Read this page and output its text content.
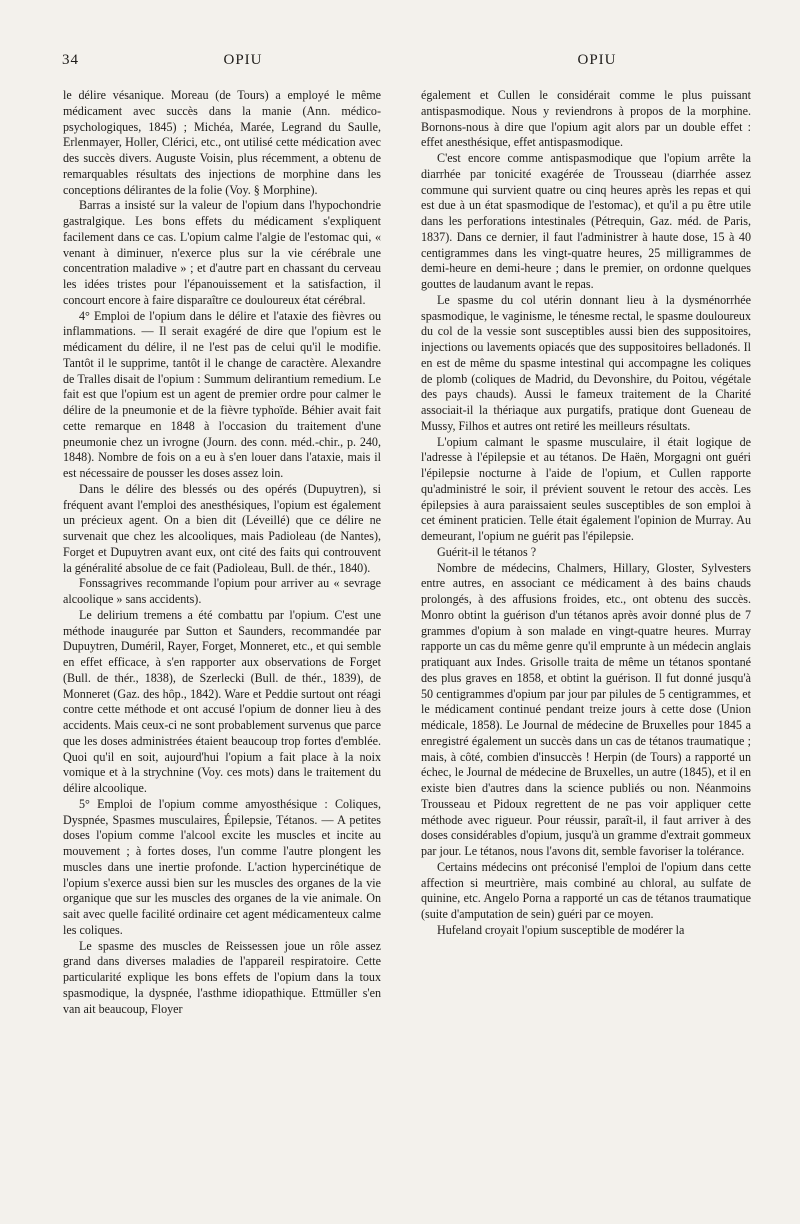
34	OPIU	OPIU

le délire vésanique. Moreau (de Tours) a employé le même médicament avec succès dans la manie (Ann. médico-psychologiques, 1845) ; Michéa, Marée, Legrand du Saulle, Erlenmayer, Holler, Clérici, etc., ont utilisé cette médication avec des succès divers. Auguste Voisin, plus récemment, a obtenu de remarquables résultats des injections de morphine dans les conceptions délirantes de la folie (Voy. § Morphine).

Barras a insisté sur la valeur de l'opium dans l'hypochondrie gastralgique. Les bons effets du médicament s'expliquent facilement dans ce cas. L'opium calme l'algie de l'estomac qui, « venant à diminuer, n'exerce plus sur la vie cérébrale une concentration maladive » ; et d'autre part en chassant du cerveau les idées tristes pour l'épanouissement et la satisfaction, il concourt encore à faire disparaître ce douloureux état cérébral.

4° Emploi de l'opium dans le délire et l'ataxie des fièvres ou inflammations. — Il serait exagéré de dire que l'opium est le médicament du délire, il ne l'est pas de celui qu'il le modifie. Tantôt il le supprime, tantôt il le change de caractère. Alexandre de Tralles disait de l'opium : Summum delirantium remedium. Le fait est que l'opium est un agent de premier ordre pour calmer le délire de la pneumonie et de la fièvre typhoïde. Béhier avait fait cette remarque en 1848 à l'occasion du traitement d'une pneumonie chez un ivrogne (Journ. des conn. méd.-chir., p. 240, 1848). Nombre de fois on a eu à s'en louer dans l'ataxie, mais il est nécessaire de pousser les doses assez loin.

Dans le délire des blessés ou des opérés (Dupuytren), si fréquent avant l'emploi des anesthésiques, l'opium est également un précieux agent. On a bien dit (Léveillé) que ce délire ne survenait que chez les alcooliques, mais Padioleau (de Nantes), Forget et Dupuytren avant eux, ont cité des faits qui controuvent la généralité absolue de ce fait (Padioleau, Bull. de thér., 1840).

Fonssagrives recommande l'opium pour arriver au « sevrage alcoolique » sans accidents).

Le delirium tremens a été combattu par l'opium. C'est une méthode inaugurée par Sutton et Saunders, recommandée par Dupuytren, Duméril, Rayer, Forget, Monneret, etc., et qui semble en effet efficace, à s'en rapporter aux observations de Forget (Bull. de thér., 1838), de Szerlecki (Bull. de thér., 1839), de Monneret (Gaz. des hôp., 1842). Ware et Peddie surtout ont réagi contre cette méthode et ont accusé l'opium de donner lieu à des accidents. Mais ceux-ci ne sont probablement survenus que parce que les doses administrées étaient beaucoup trop fortes d'emblée. Quoi qu'il en soit, aujourd'hui l'opium a fait place à la noix vomique et à la strychnine (Voy. ces mots) dans le traitement du délire alcoolique.

5° Emploi de l'opium comme amyosthésique : Coliques, Dyspnée, Spasmes musculaires, Épilepsie, Tétanos. — A petites doses l'opium comme l'alcool excite les muscles et incite au mouvement ; à fortes doses, l'un comme l'autre plongent les muscles dans une inertie profonde. L'action hypercinétique de l'opium s'exerce aussi bien sur les muscles des organes de la vie organique que sur les muscles des organes de la vie animale. On sait avec quelle facilité ordinaire cet agent médicamenteux calme les coliques.

Le spasme des muscles de Reissessen joue un rôle assez grand dans diverses maladies de l'appareil respiratoire. Cette particularité explique les bons effets de l'opium dans la toux spasmodique, la dyspnée, l'asthme idiopathique. Ettmüller s'en van ait beaucoup, Floyer

également et Cullen le considérait comme le plus puissant antispasmodique. Nous y reviendrons à propos de la morphine. Bornons-nous à dire que l'opium agit alors par un double effet : effet anesthésique, effet antispasmodique.

C'est encore comme antispasmodique que l'opium arrête la diarrhée par tonicité exagérée de Trousseau (diarrhée assez commune qui survient quatre ou cinq heures après les repas et qui est due à un état spasmodique de l'estomac), et qu'il a pu être utile dans les perforations intestinales (Pétrequin, Gaz. méd. de Paris, 1837). Dans ce dernier, il faut l'administrer à haute dose, 15 à 40 centigrammes dans les vingt-quatre heures, 25 milligrammes de demi-heure en demi-heure ; dans le premier, on ordonne quelques gouttes de laudanum avant le repas.

Le spasme du col utérin donnant lieu à la dysménorrhée spasmodique, le vaginisme, le ténesme rectal, le spasme douloureux du col de la vessie sont susceptibles aussi bien des suppositoires, injections ou lavements opiacés que des suppositoires belladonés. Il en est de même du spasme intestinal qui accompagne les coliques de plomb (coliques de Madrid, du Devonshire, du Poitou, végétale des pays chauds). Aussi le fameux traitement de la Charité associait-il la thériaque aux purgatifs, pratique dont Gueneau de Mussy, Filhos et autres ont retiré les meilleurs résultats.

L'opium calmant le spasme musculaire, il était logique de l'adresse à l'épilepsie et au tétanos. De Haën, Morgagni ont guéri l'épilepsie nocturne à l'aide de l'opium, et Cullen rapporte qu'administré le soir, il prévient souvent le retour des accès. Les épilepsies à aura paraissaient seules susceptibles de son emploi à cet éminent praticien. Telle était également l'opinion de Murray. Au demeurant, l'opium ne guérit pas l'épilepsie.

Guérit-il le tétanos ?

Nombre de médecins, Chalmers, Hillary, Gloster, Sylvesters entre autres, en associant ce médicament à des bains chauds prolongés, à des affusions froides, etc., ont obtenu des succès. Monro obtint la guérison d'un tétanos après avoir donné plus de 7 grammes d'opium à son malade en vingt-quatre heures. Murray rapporte un cas du même genre qu'il emprunte à un médecin anglais pratiquant aux Indes. Grisolle traita de même un tétanos spontané des plus graves en 1858, et obtint la guérison. Il fut donné jusqu'à 50 centigrammes d'opium par jour par pilules de 5 centigrammes, et le médicament continué pendant treize jours à cette dose (Union médicale, 1858). Le Journal de médecine de Bruxelles pour 1845 a enregistré également un succès dans un cas de tétanos traumatique ; mais, à côté, combien d'insuccès ! Herpin (de Tours) a rapporté un échec, le Journal de médecine de Bruxelles, un autre (1845), et il en existe bien d'autres dans la science publiés ou non. Néanmoins Trousseau et Pidoux regrettent de ne pas voir appliquer cette méthode avec rigueur. Pour réussir, paraît-il, il faut arriver à des doses considérables d'opium, jusqu'à un gramme d'extrait gommeux par jour. Le tétanos, nous l'avons dit, semble favoriser la tolérance.

Certains médecins ont préconisé l'emploi de l'opium dans cette affection si meurtrière, mais combiné au chloral, au sulfate de quinine, etc. Angelo Porna a rapporté un cas de tétanos traumatique (suite d'amputation de sein) guéri par ce moyen.

Hufeland croyait l'opium susceptible de modérer la
